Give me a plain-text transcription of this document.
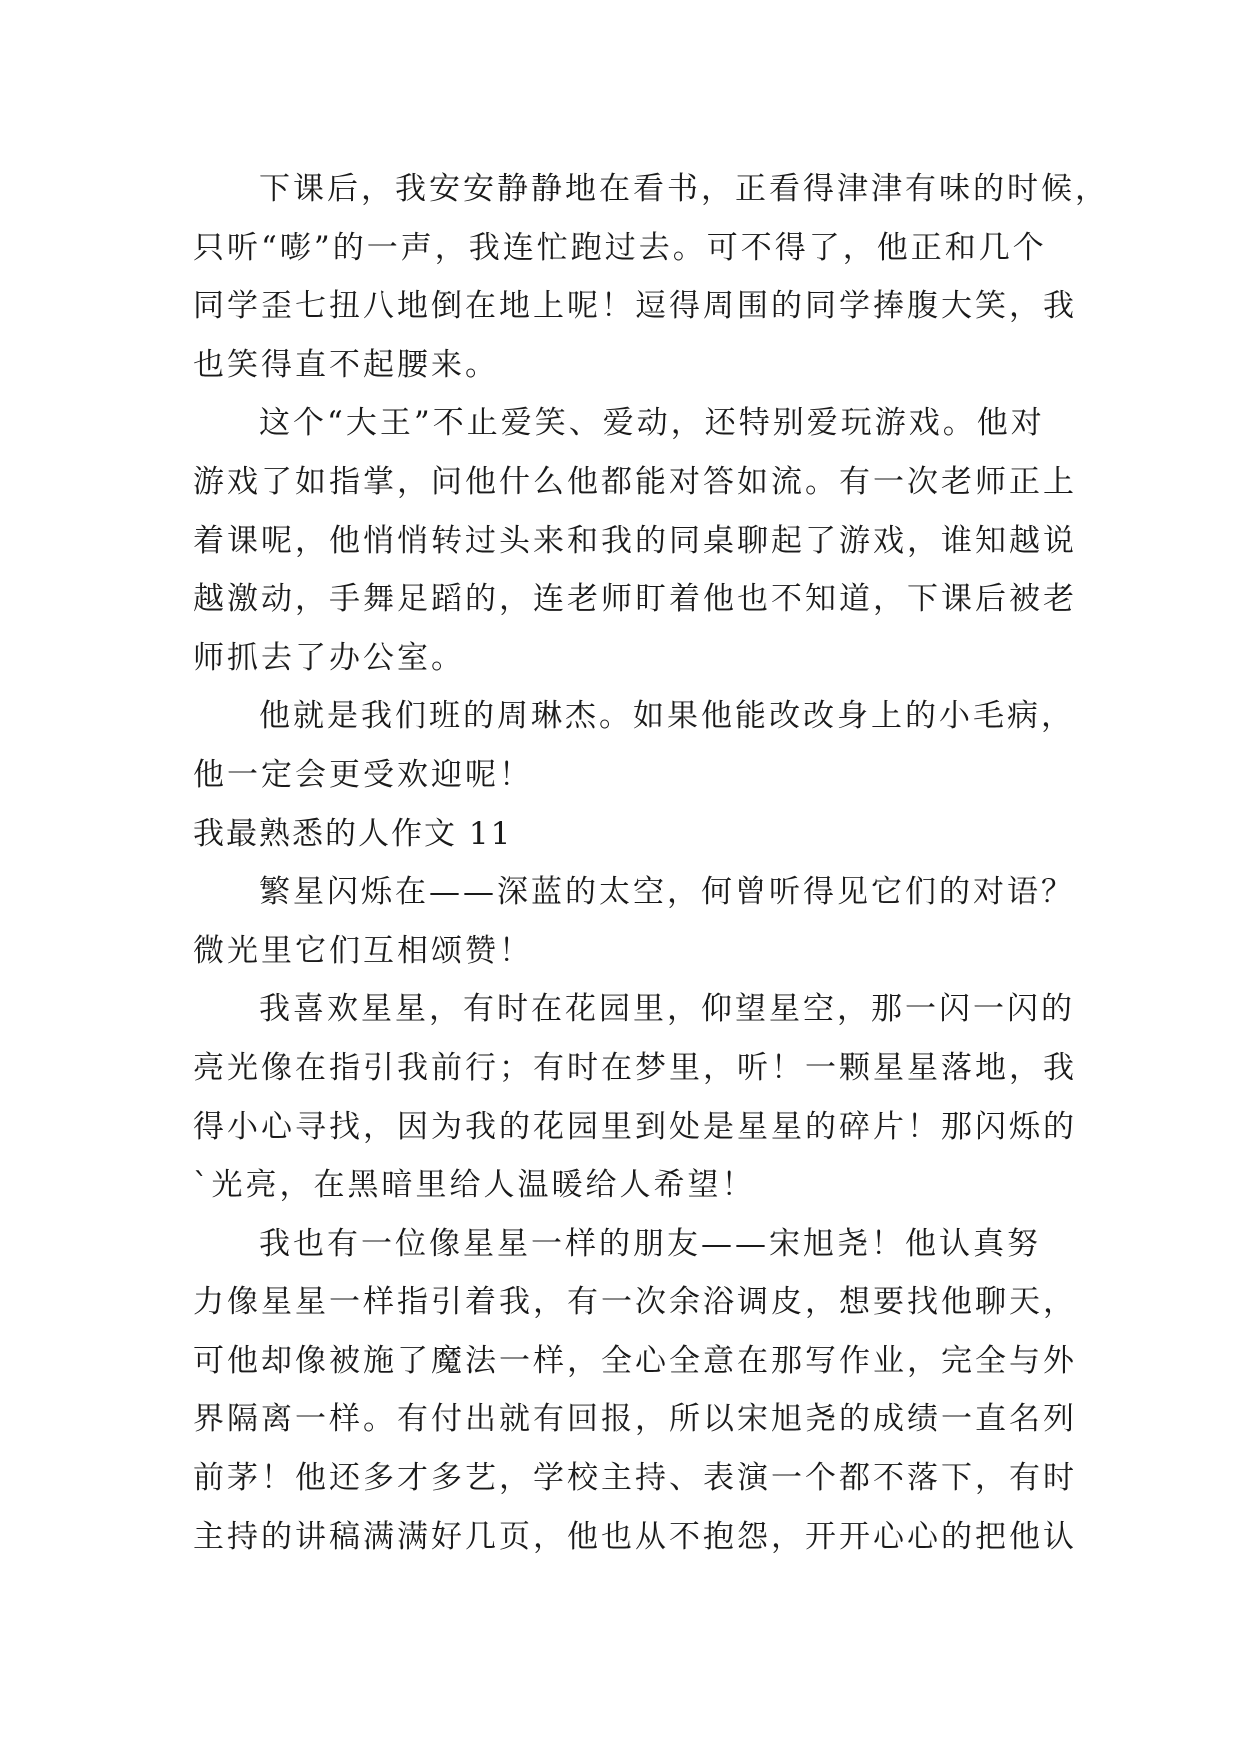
下课后，我安安静静地在看书，正看得津津有味的时候，
只听“嘭”的一声，我连忙跑过去。可不得了，他正和几个
同学歪七扭八地倒在地上呢！逗得周围的同学捧腹大笑，我
也笑得直不起腰来。
这个“大王”不止爱笑、爱动，还特别爱玩游戏。他对
游戏了如指掌，问他什么他都能对答如流。有一次老师正上
着课呢，他悄悄转过头来和我的同桌聊起了游戏，谁知越说
越激动，手舞足蹈的，连老师盯着他也不知道，下课后被老
师抓去了办公室。
他就是我们班的周琳杰。如果他能改改身上的小毛病，
他一定会更受欢迎呢！
我最熟悉的人作文 11
繁星闪烁在——深蓝的太空，何曾听得见它们的对语？
微光里它们互相颂赞！
我喜欢星星，有时在花园里，仰望星空，那一闪一闪的
亮光像在指引我前行；有时在梦里，听！一颗星星落地，我
得小心寻找，因为我的花园里到处是星星的碎片！那闪烁的
`光亮，在黑暗里给人温暖给人希望！
我也有一位像星星一样的朋友——宋旭尧！他认真努
力像星星一样指引着我，有一次余浴调皮，想要找他聊天，
可他却像被施了魔法一样，全心全意在那写作业，完全与外
界隔离一样。有付出就有回报，所以宋旭尧的成绩一直名列
前茅！他还多才多艺，学校主持、表演一个都不落下，有时
主持的讲稿满满好几页，他也从不抱怨，开开心心的把他认
